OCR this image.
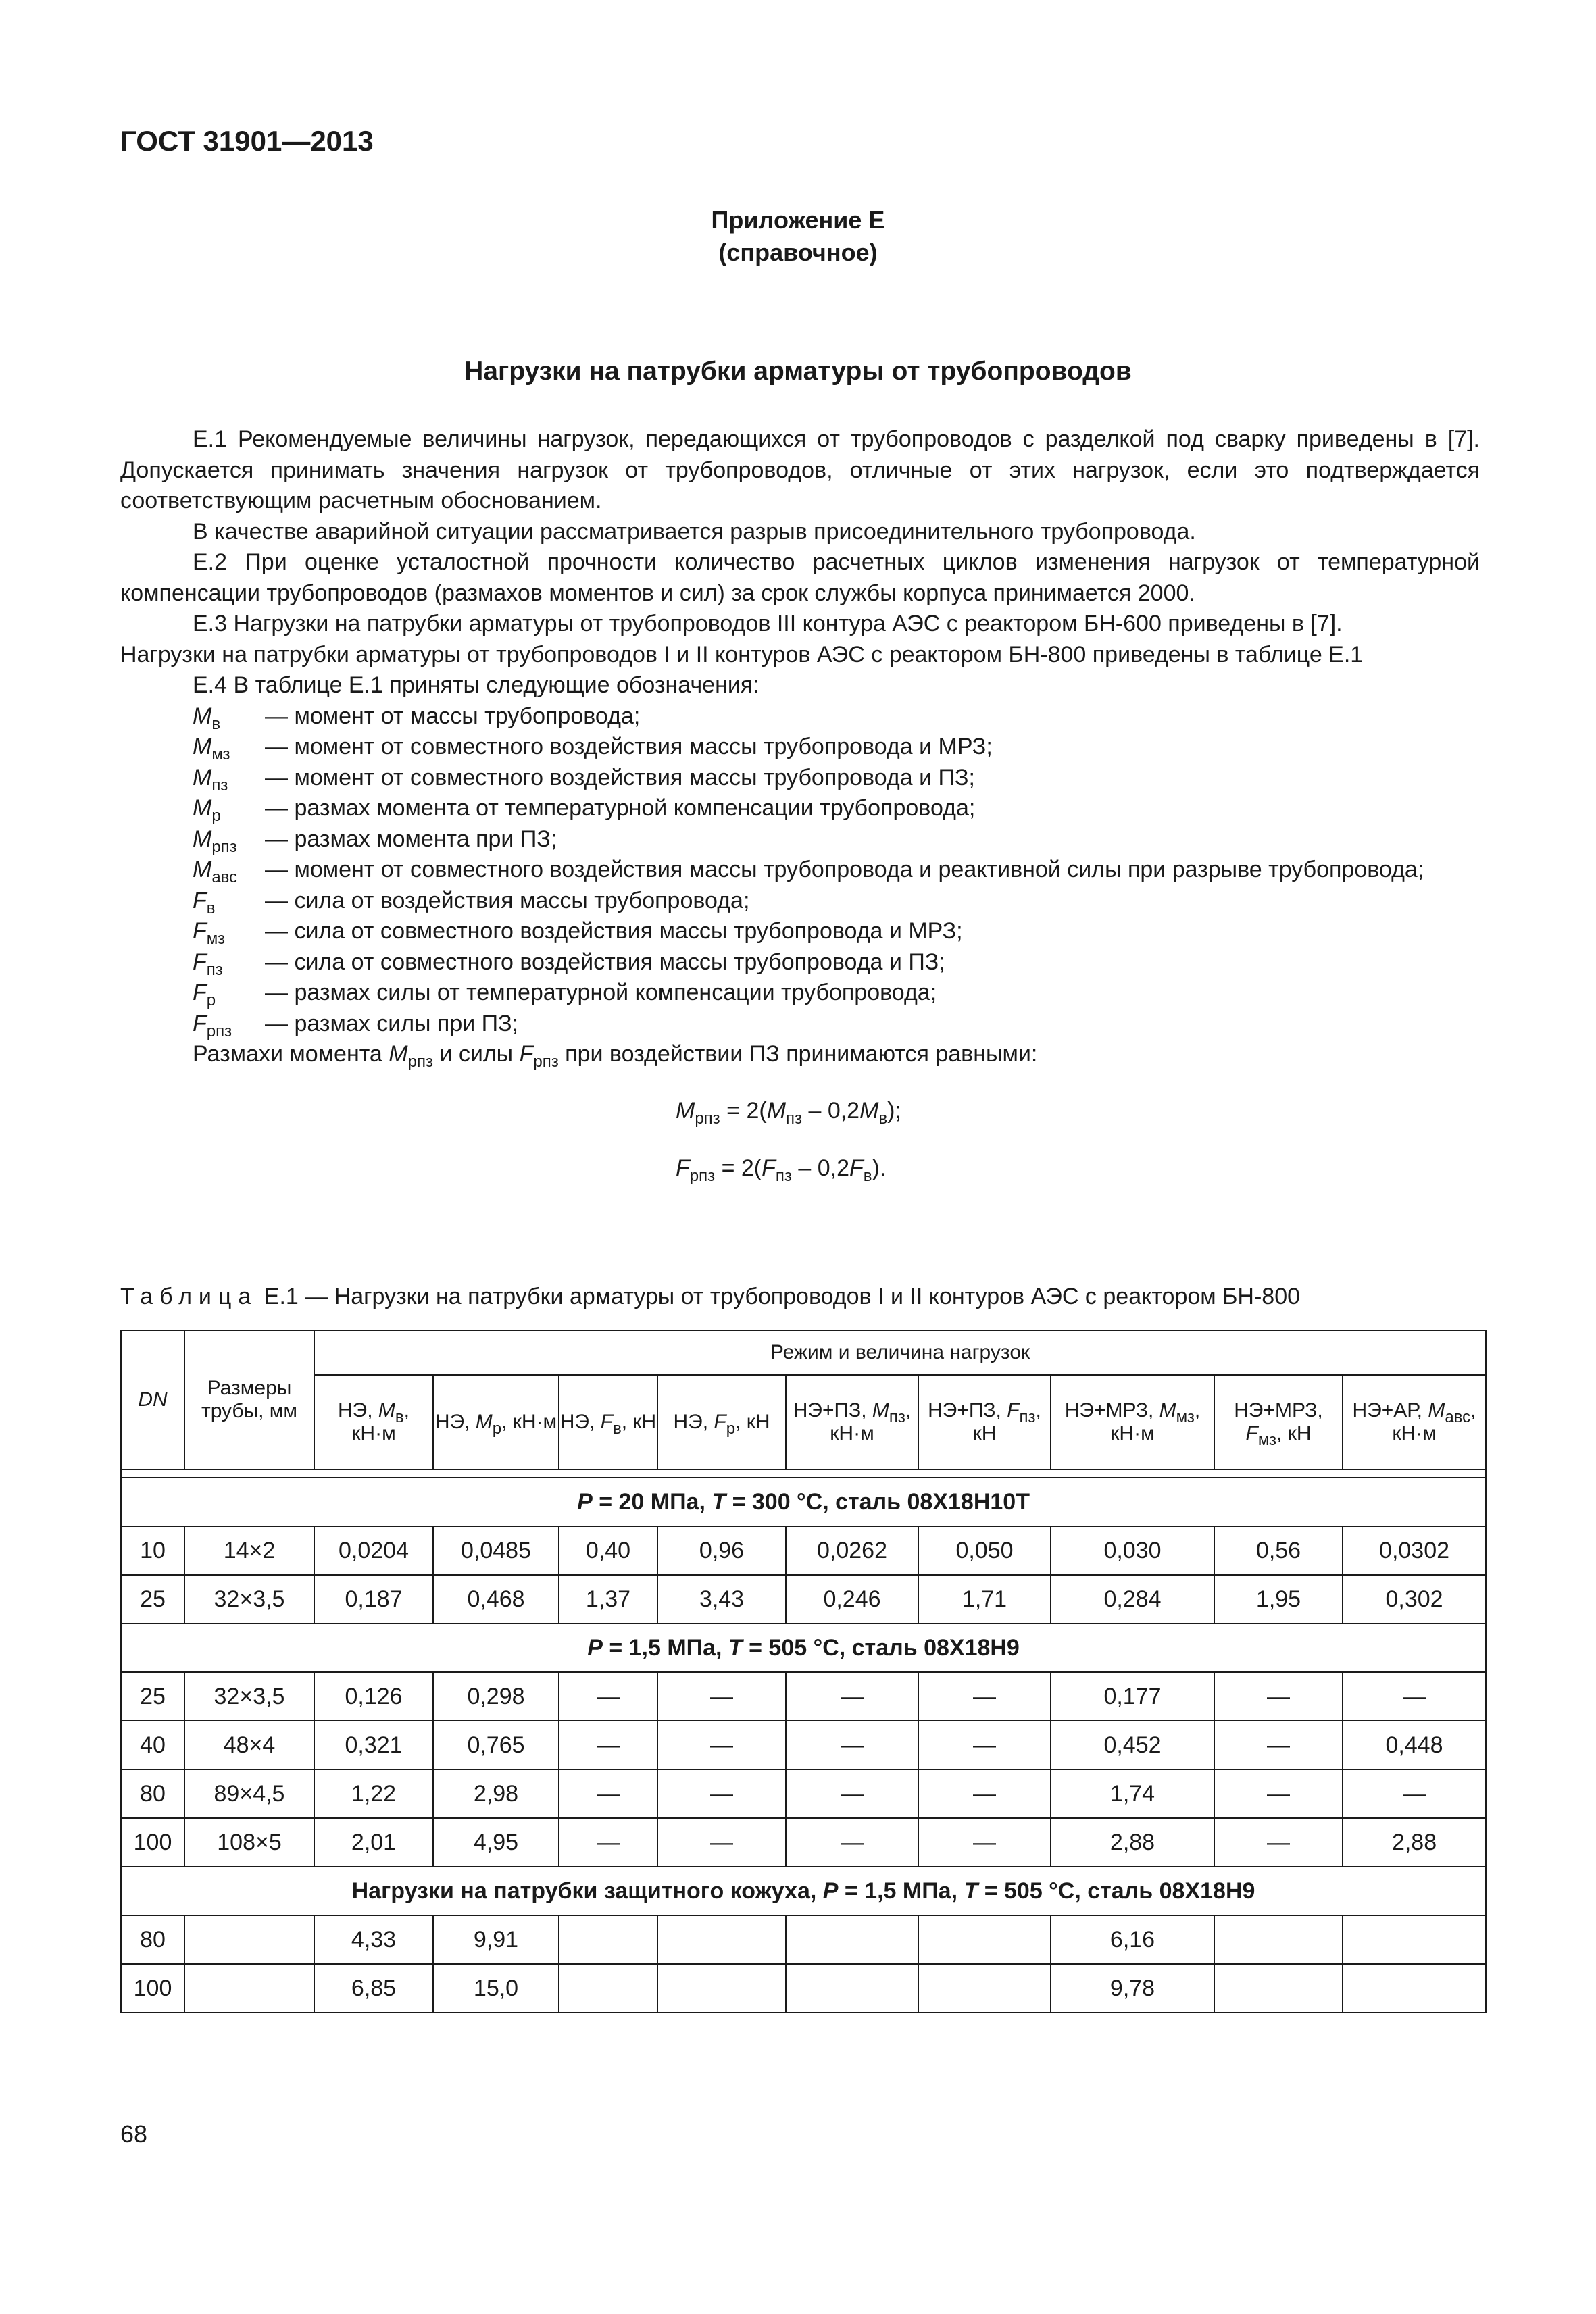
ГОСТ 31901—2013
Приложение Е
(справочное)
Нагрузки на патрубки арматуры от трубопроводов

Е.1 Рекомендуемые величины нагрузок, передающихся от трубопроводов с разделкой под сварку приведены в [7]. Допускается принимать значения нагрузок от трубопроводов, отличные от этих нагрузок, если это подтверждается соответствующим расчетным обоснованием.

В качестве аварийной ситуации рассматривается разрыв присоединительного трубопровода.

Е.2 При оценке усталостной прочности количество расчетных циклов изменения нагрузок от температурной компенсации трубопроводов (размахов моментов и сил) за срок службы корпуса принимается 2000.

Е.3 Нагрузки на патрубки арматуры от трубопроводов III контура АЭС с реактором БН-600 приведены в [7].

Нагрузки на патрубки арматуры от трубопроводов I и II контуров АЭС с реактором БН-800 приведены в таблице Е.1

Е.4 В таблице Е.1 приняты следующие обозначения:

$M_в$	— момент от массы трубопровода;
$M_{мз}$	— момент от совместного воздействия массы трубопровода и МРЗ;
$M_{пз}$	— момент от совместного воздействия массы трубопровода и ПЗ;
$M_р$	— размах момента от температурной компенсации трубопровода;
$M_{рпз}$	— размах момента при ПЗ;
$M_{авс}$	— момент от совместного воздействия массы трубопровода и реактивной силы при разрыве трубопровода;
$F_в$	— сила от воздействия массы трубопровода;
$F_{мз}$	— сила от совместного воздействия массы трубопровода и МРЗ;
$F_{пз}$	— сила от совместного воздействия массы трубопровода и ПЗ;
$F_р$	— размах силы от температурной компенсации трубопровода;
$F_{рпз}$	— размах силы при ПЗ;

Размахи момента $M_{рпз}$ и силы $F_{рпз}$ при воздействии ПЗ принимаются равными:

$M_{рпз} = 2(M_{пз} - 0,2M_в)$;
$F_{рпз} = 2(F_{пз} - 0,2F_в)$.
Таблица Е.1 — Нагрузки на патрубки арматуры от трубопроводов I и II контуров АЭС с реактором БН-800
DN	Размеры трубы, мм	Режим и величина нагрузок								
		НЭ, $M_в$, кН·м	НЭ, $M_р$, кН·м	НЭ, $F_в$, кН	НЭ, $F_р$, кН	НЭ+ПЗ, $M_{пз}$, кН·м	НЭ+ПЗ, $F_{пз}$, кН	НЭ+МРЗ, $M_{мз}$, кН·м	НЭ+МРЗ, $F_{мз}$, кН	НЭ+АР, $M_{авс}$, кН·м

P = 20 МПа, T = 300 °С, сталь 08Х18Н10Т										
10	14×2	0,0204	0,0485	0,40	0,96	0,0262	0,050	0,030	0,56	0,0302
25	32×3,5	0,187	0,468	1,37	3,43	0,246	1,71	0,284	1,95	0,302
P = 1,5 МПа, T = 505 °С, сталь 08Х18Н9										
25	32×3,5	0,126	0,298	—	—	—	—	0,177	—	—
40	48×4	0,321	0,765	—	—	—	—	0,452	—	0,448
80	89×4,5	1,22	2,98	—	—	—	—	1,74	—	—
100	108×5	2,01	4,95	—	—	—	—	2,88	—	2,88
Нагрузки на патрубки защитного кожуха, P = 1,5 МПа, T = 505 °С, сталь 08Х18Н9										
80		4,33	9,91					6,16		
100		6,85	15,0					9,78		
68
